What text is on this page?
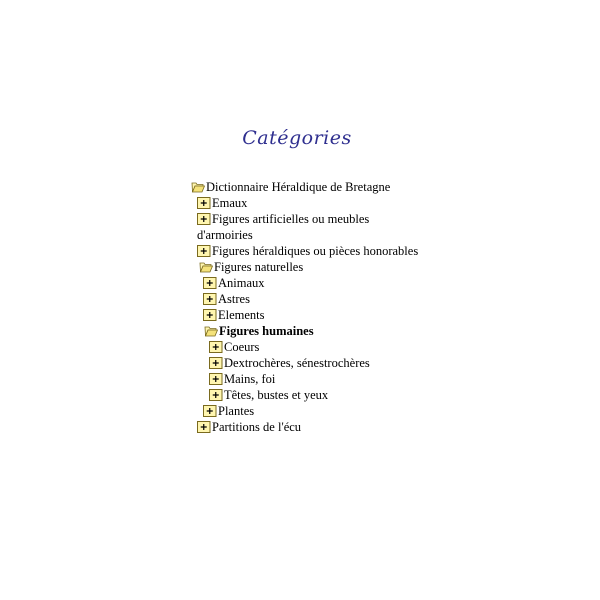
Catégories
Dictionnaire Héraldique de Bretagne
Emaux
Figures artificielles ou meubles d'armoiries
Figures héraldiques ou pièces honorables
Figures naturelles
Animaux
Astres
Elements
Figures humaines
Coeurs
Dextrochères, sénestrochères
Mains, foi
Têtes, bustes et yeux
Plantes
Partitions de l'écu
